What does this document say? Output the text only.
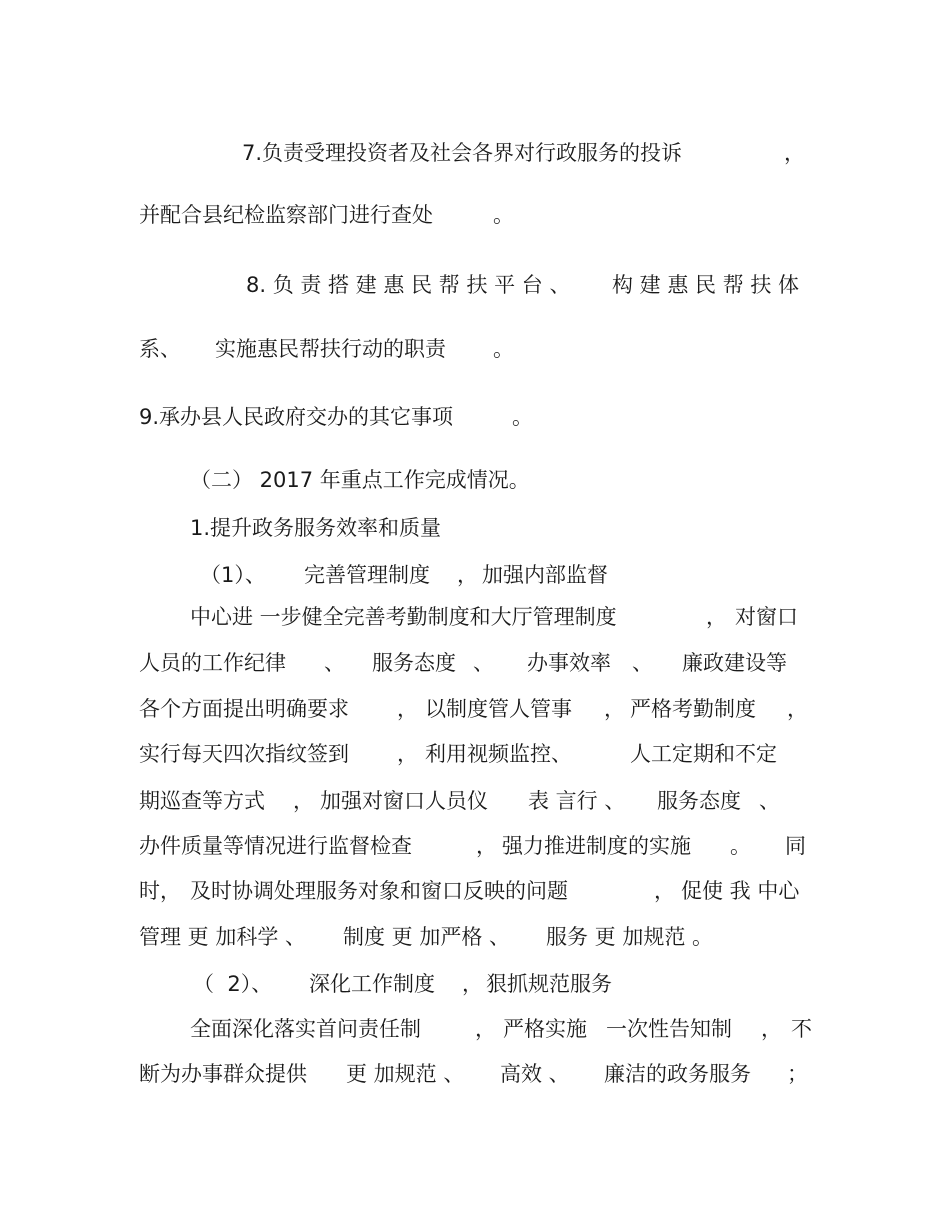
7.负责受理投资者及社会各界对行政服务的投诉	，
并配合县纪检监察部门进行查处	。
8. 负 责 搭 建 惠 民 帮 扶 平 台 、 构 建 惠 民 帮 扶 体
系、 实施惠民帮扶行动的职责 。
9.承办县人民政府交办的其它事项	。
（二） 2017 年重点工作完成情况。
1.提升政务服务效率和质量
（1）、 完善管理制度 ， 加强内部监督
中心进 一步健全完善考勤制度和大厅管理制度	， 对窗口
人员的工作纪律 、 服务态度 、 办事效率 、 廉政建设等
各个方面提出明确要求 ， 以制度管人管事 ， 严格考勤制度 ，
实行每天四次指纹签到 ， 利用视频监控 、	人工定期和不定
期巡查等方式 ， 加强对窗口人员仪 表 言行 、 服务态度 、
办件质量等情况进行监督检查	， 强力推进制度的实施 。 同
时， 及时协调处理服务对象和窗口反映的问题	， 促使 我 中心
管理 更 加科学 、 制度 更 加严格 、 服务 更 加规范 。
（  2）、 深化工作制度 ， 狠抓规范服务
全面深化落实首问责任制	， 严格实施 一次性告知制 ， 不
断为办事群众提供 更 加规范 、 高效 、 廉洁的政务服务 ；
